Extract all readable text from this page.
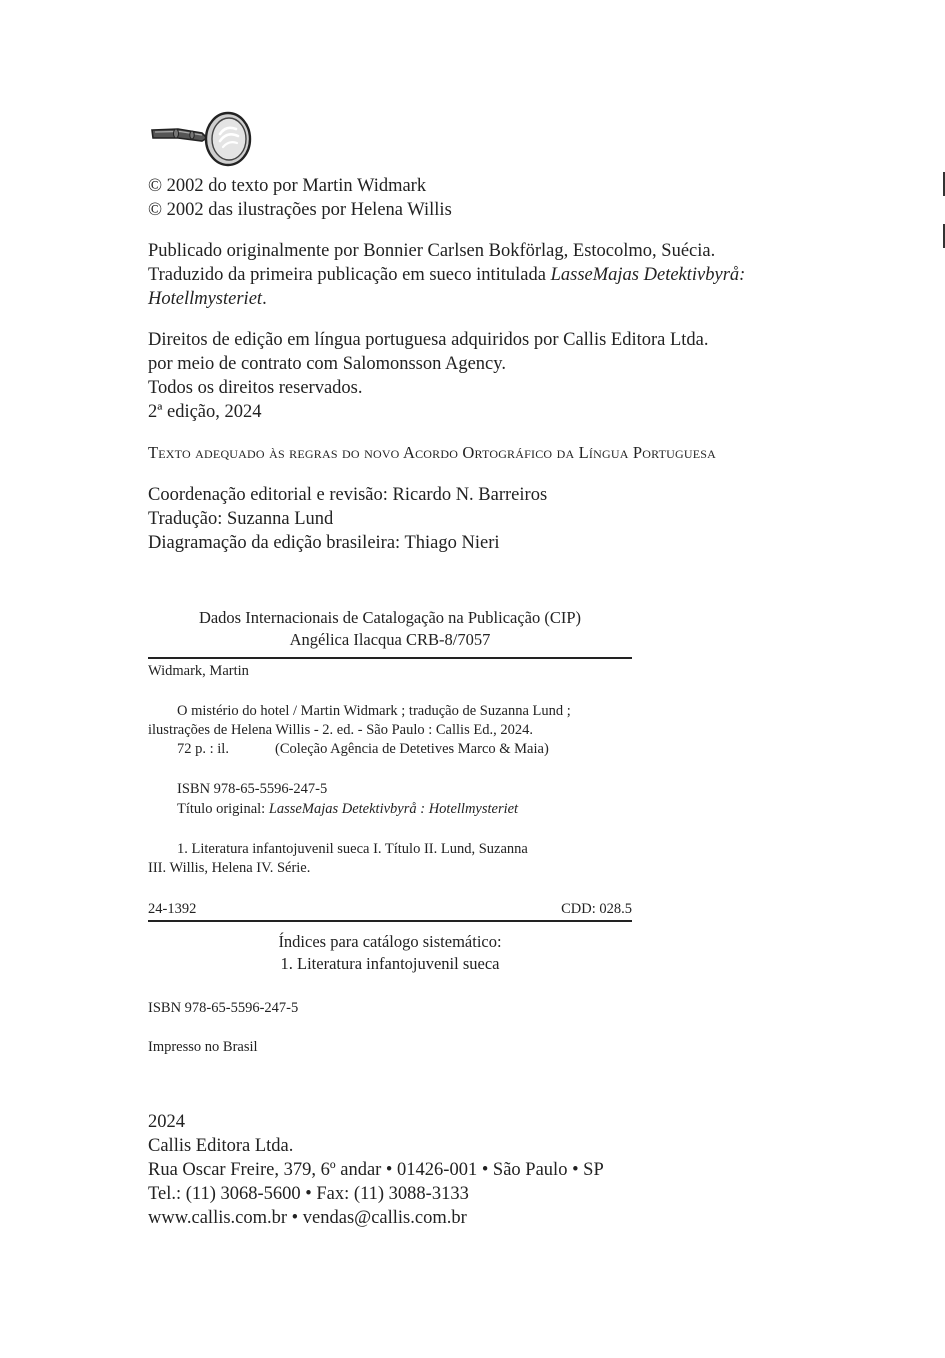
© 2002 do texto por Martin Widmark
© 2002 das ilustrações por Helena Willis
Publicado originalmente por Bonnier Carlsen Bokförlag, Estocolmo, Suécia.
Traduzido da primeira publicação em sueco intitulada LasseMajas Detektivbyrå:
Hotellmysteriet.
Direitos de edição em língua portuguesa adquiridos por Callis Editora Ltda.
por meio de contrato com Salomonsson Agency.
Todos os direitos reservados.
2ª edição, 2024
Texto adequado às regras do novo Acordo Ortográfico da Língua Portuguesa
Coordenação editorial e revisão: Ricardo N. Barreiros
Tradução: Suzanna Lund
Diagramação da edição brasileira: Thiago Nieri
Dados Internacionais de Catalogação na Publicação (CIP)
Angélica Ilacqua CRB-8/7057
Widmark, Martin
O mistério do hotel / Martin Widmark ; tradução de Suzanna Lund ;
ilustrações de Helena Willis - 2. ed. - São Paulo : Callis Ed., 2024.
72 p. : il.	(Coleção Agência de Detetives Marco & Maia)
ISBN 978-65-5596-247-5
Título original: LasseMajas Detektivbyrå : Hotellmysteriet
1. Literatura infantojuvenil sueca I. Título II. Lund, Suzanna
III. Willis, Helena IV. Série.
24-1392	CDD: 028.5
Índices para catálogo sistemático:
1. Literatura infantojuvenil sueca
ISBN 978-65-5596-247-5
Impresso no Brasil
2024
Callis Editora Ltda.
Rua Oscar Freire, 379, 6º andar • 01426-001 • São Paulo • SP
Tel.: (11) 3068-5600 • Fax: (11) 3088-3133
www.callis.com.br • vendas@callis.com.br
